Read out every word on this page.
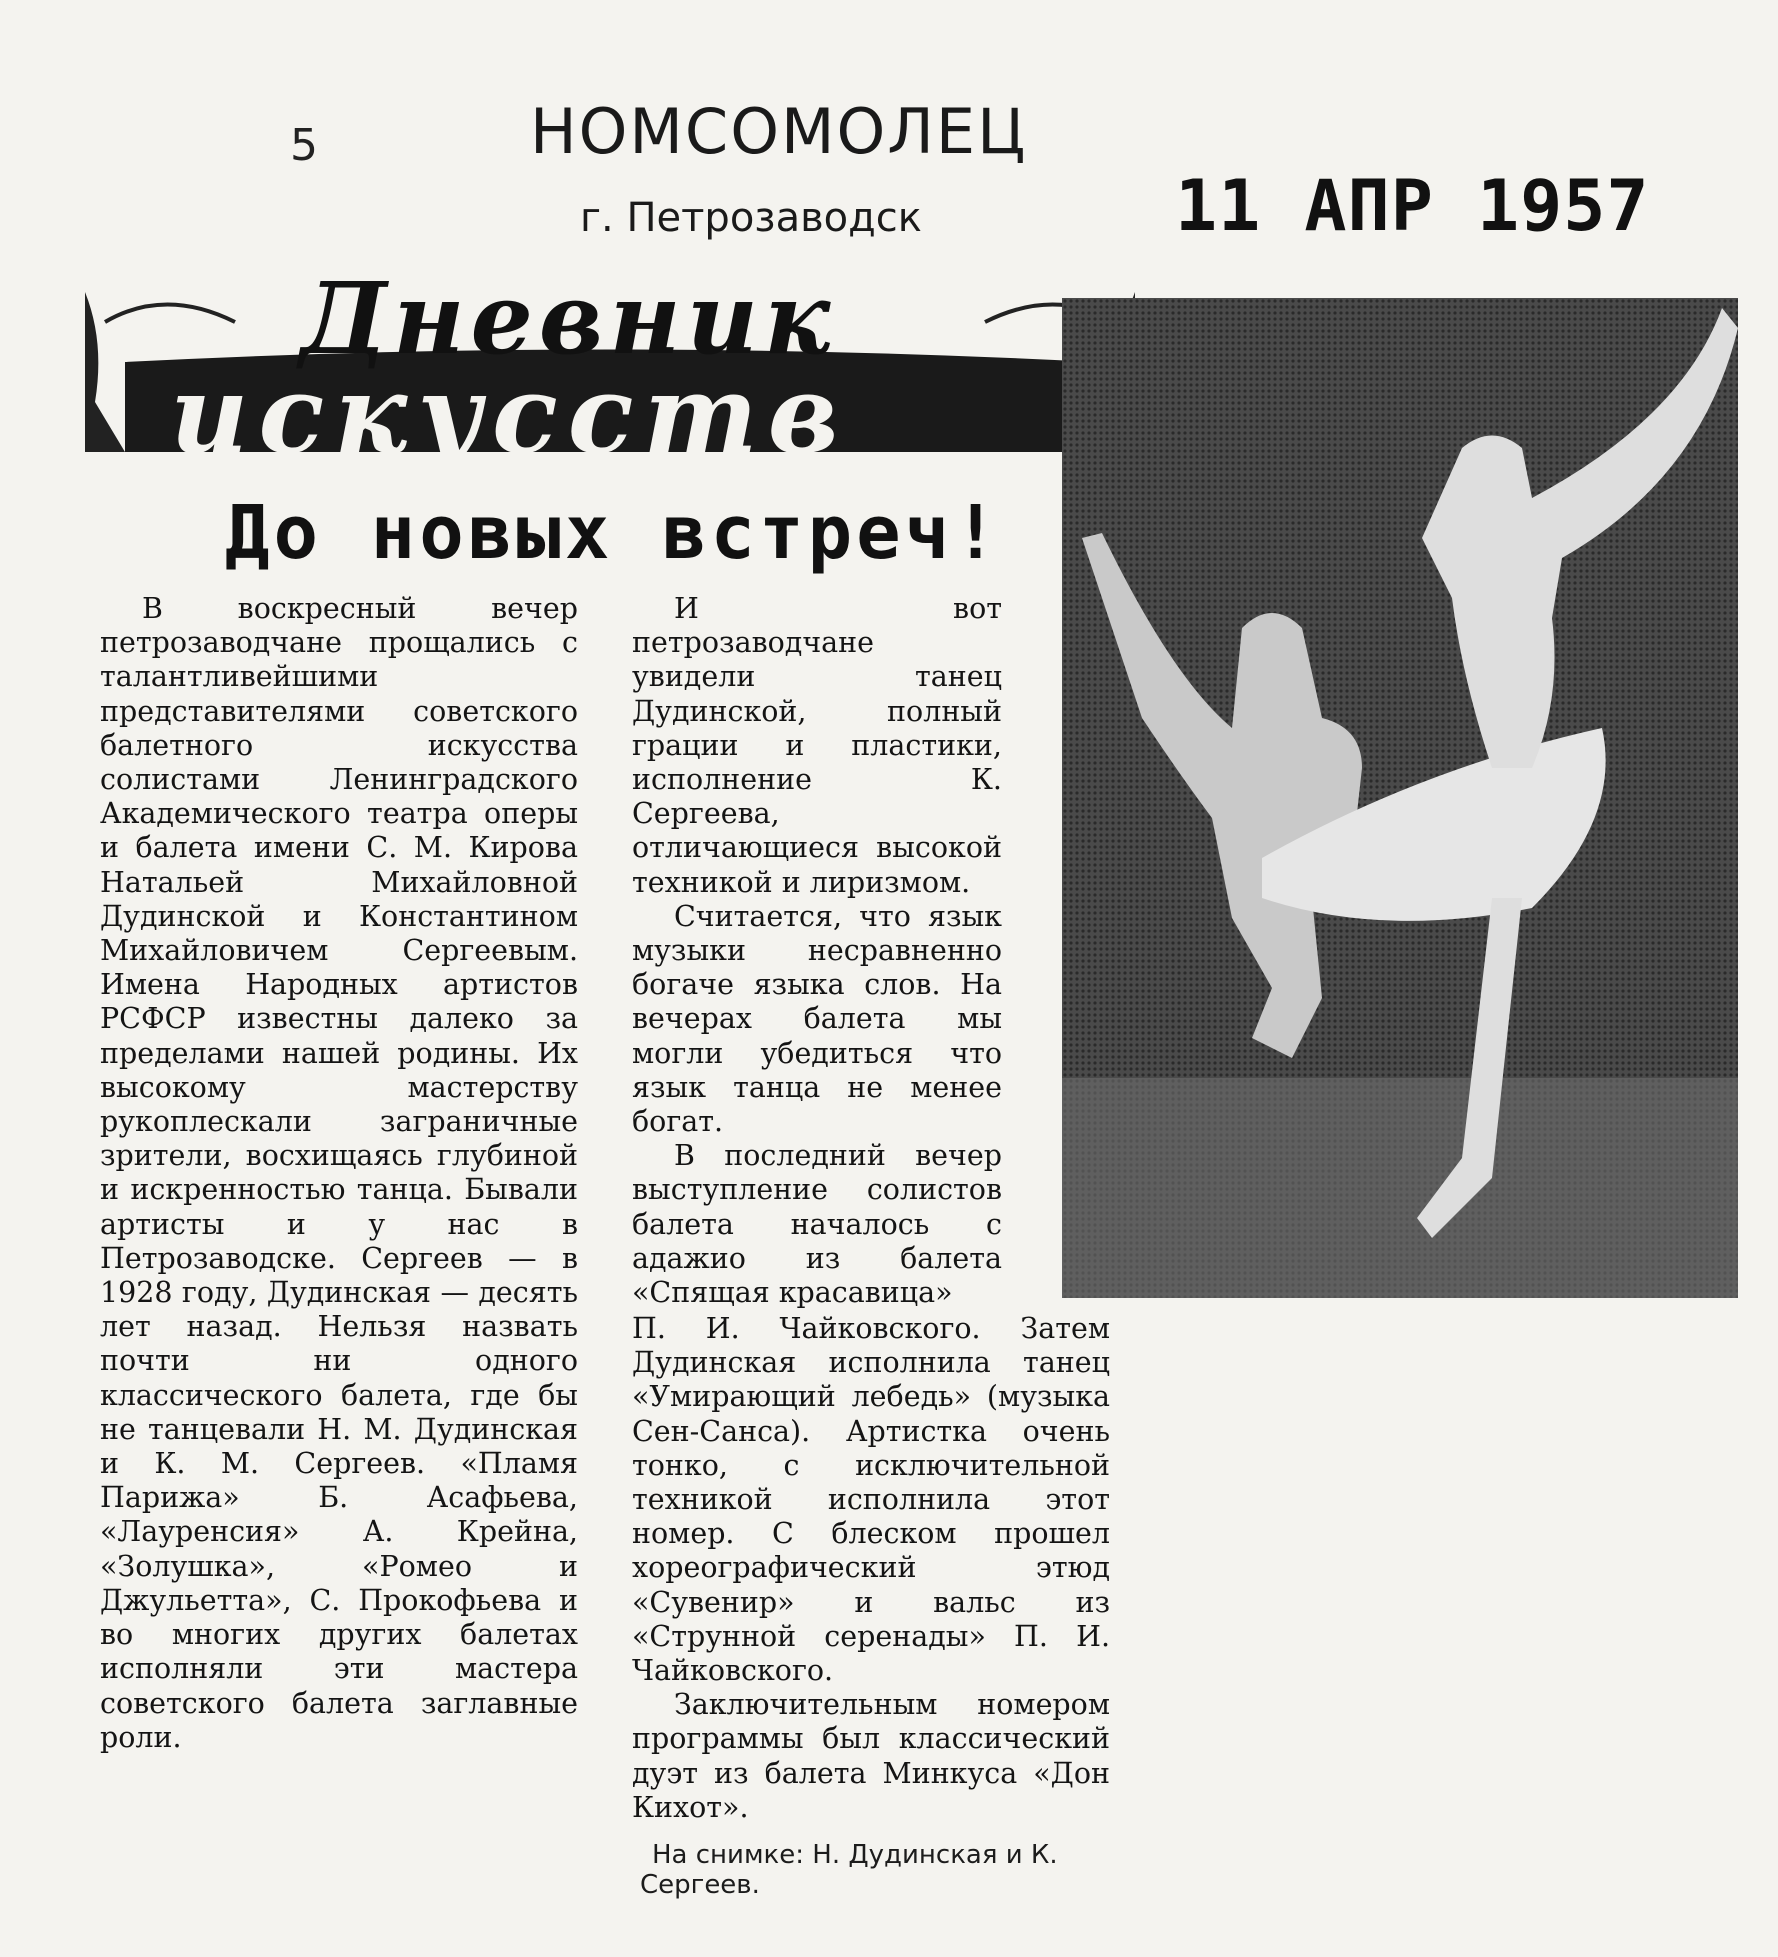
5	НОМСОМОЛЕЦ
г. Петрозаводск	11 АПР 1957
Дневник
искусств
До новых встреч!

В воскресный вечер петрозаводчане прощались с талантливейшими представителями советского балетного искусства солистами Ленинградского Академического театра оперы и балета имени С. М. Кирова Натальей Михайловной Дудинской и Константином Михайловичем Сергеевым. Имена Народных артистов РСФСР известны далеко за пределами нашей родины. Их высокому мастерству рукоплескали заграничные зрители, восхищаясь глубиной и искренностью танца. Бывали артисты и у нас в Петрозаводске. Сергеев — в 1928 году, Дудинская — десять лет назад. Нельзя назвать почти ни одного классического балета, где бы не танцевали Н. М. Дудинская и К. М. Сергеев. «Пламя Парижа» Б. Асафьева, «Лауренсия» А. Крейна, «Золушка», «Ромео и Джульетта», С. Прокофьева и во многих других балетах исполняли эти мастера советского балета заглавные роли.

И вот петрозаводчане увидели танец Дудинской, полный грации и пластики, исполнение К. Сергеева, отличающиеся высокой техникой и лиризмом.

Считается, что язык музыки несравненно богаче языка слов. На вечерах балета мы могли убедиться что язык танца не менее богат.

В последний вечер выступление солистов балета началось с адажио из балета «Спящая красавица»

П. И. Чайковского. Затем Дудинская исполнила танец «Умирающий лебедь» (музыка Сен-Санса). Артистка очень тонко, с исключительной техникой исполнила этот номер. С блеском прошел хореографический этюд «Сувенир» и вальс из «Струнной серенады» П. И. Чайковского.

Заключительным номером программы был классический дуэт из балета Минкуса «Дон Кихот».

На снимке: Н. Дудинская и К. Сергеев.
